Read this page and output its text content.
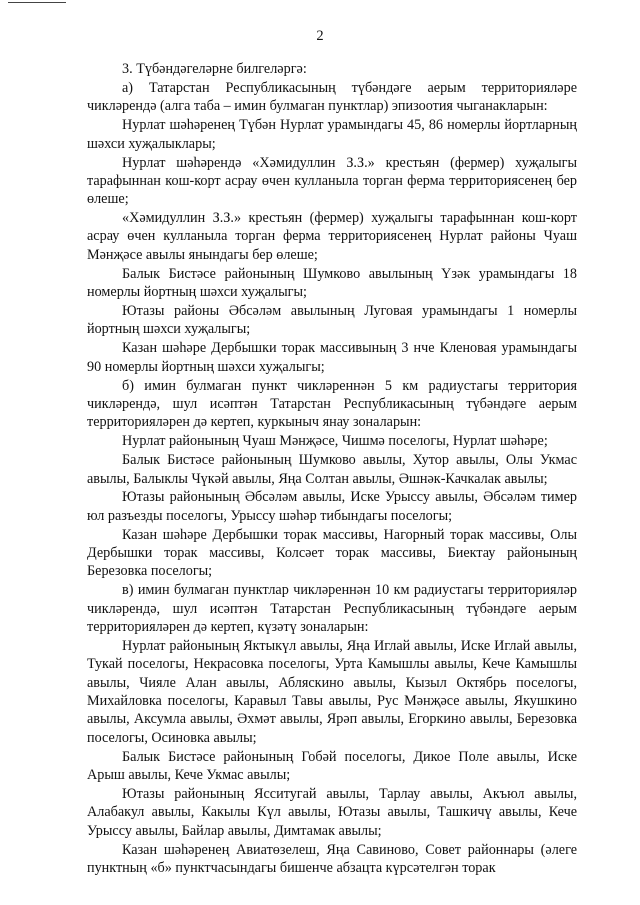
2

3. Түбәндәгеләрне билгеләргә:

а) Татарстан Республикасының түбәндәге аерым территорияләре чикләрендә (алга таба – имин булмаган пунктлар) эпизоотия чыганакларын:

Нурлат шәһәренең Түбән Нурлат урамындагы 45, 86 номерлы йортларның шәхси хуҗалыклары;

Нурлат шәһәрендә «Хәмидуллин З.З.» крестьян (фермер) хуҗалыгы тарафыннан кош-корт асрау өчен кулланыла торган ферма территориясенең бер өлеше;

«Хәмидуллин З.З.» крестьян (фермер) хуҗалыгы тарафыннан кош-корт асрау өчен кулланыла торган ферма территориясенең Нурлат районы Чуаш Мәнҗәсе авылы янындагы бер өлеше;

Балык Бистәсе районының Шумково авылының Үзәк урамындагы 18 номерлы йортның шәхси хуҗалыгы;

Ютазы районы Әбсәләм авылының Луговая урамындагы 1 номерлы йортның шәхси хуҗалыгы;

Казан шәһәре Дербышки торак массивының 3 нче Кленовая урамындагы 90 номерлы йортның шәхси хуҗалыгы;

б) имин булмаган пункт чикләреннән 5 км радиустагы территория чикләрендә, шул исәптән Татарстан Республикасының түбәндәге аерым территорияләрен дә кертеп, куркыныч янау зоналарын:

Нурлат районының Чуаш Мәнҗәсе, Чишмә поселогы, Нурлат шәһәре;

Балык Бистәсе районының Шумково авылы, Хутор авылы, Олы Укмас авылы, Балыклы Чүкәй авылы, Яңа Солтан авылы, Әшнәк-Качкалак авылы;

Ютазы районының Әбсәләм авылы, Иске Урыссу авылы, Әбсәләм тимер юл разъезды поселогы, Урыссу шәһәр тибындагы поселогы;

Казан шәһәре Дербышки торак массивы, Нагорный торак массивы, Олы Дербышки торак массивы, Колсәет торак массивы, Биектау районының Березовка поселогы;

в) имин булмаган пунктлар чикләреннән 10 км радиустагы территорияләр чикләрендә, шул исәптән Татарстан Республикасының түбәндәге аерым территорияләрен дә кертеп, күзәтү зоналарын:

Нурлат районының Яктыкүл авылы, Яңа Иглай авылы, Иске Иглай авылы, Тукай поселогы, Некрасовка поселогы, Урта Камышлы авылы, Кече Камышлы авылы, Чияле Алан авылы, Абляскино авылы, Кызыл Октябрь поселогы, Михайловка поселогы, Каравыл Тавы авылы, Рус Мәнҗәсе авылы, Якушкино авылы, Аксумла авылы, Әхмәт авылы, Ярәп авылы, Егоркино авылы, Березовка поселогы, Осиновка авылы;

Балык Бистәсе районының Гобәй поселогы, Дикое Поле авылы, Иске Арыш авылы, Кече Укмас авылы;

Ютазы районының Ясситугай авылы, Тарлау авылы, Акъюл авылы, Алабакул авылы, Какылы Күл авылы, Ютазы авылы, Ташкичү авылы, Кече Урыссу авылы, Байлар авылы, Димтамак авылы;

Казан шәһәренең Авиатөзелеш, Яңа Савиново, Совет районнары (әлеге пунктның «б» пунктчасындагы бишенче абзацта күрсәтелгән торак
